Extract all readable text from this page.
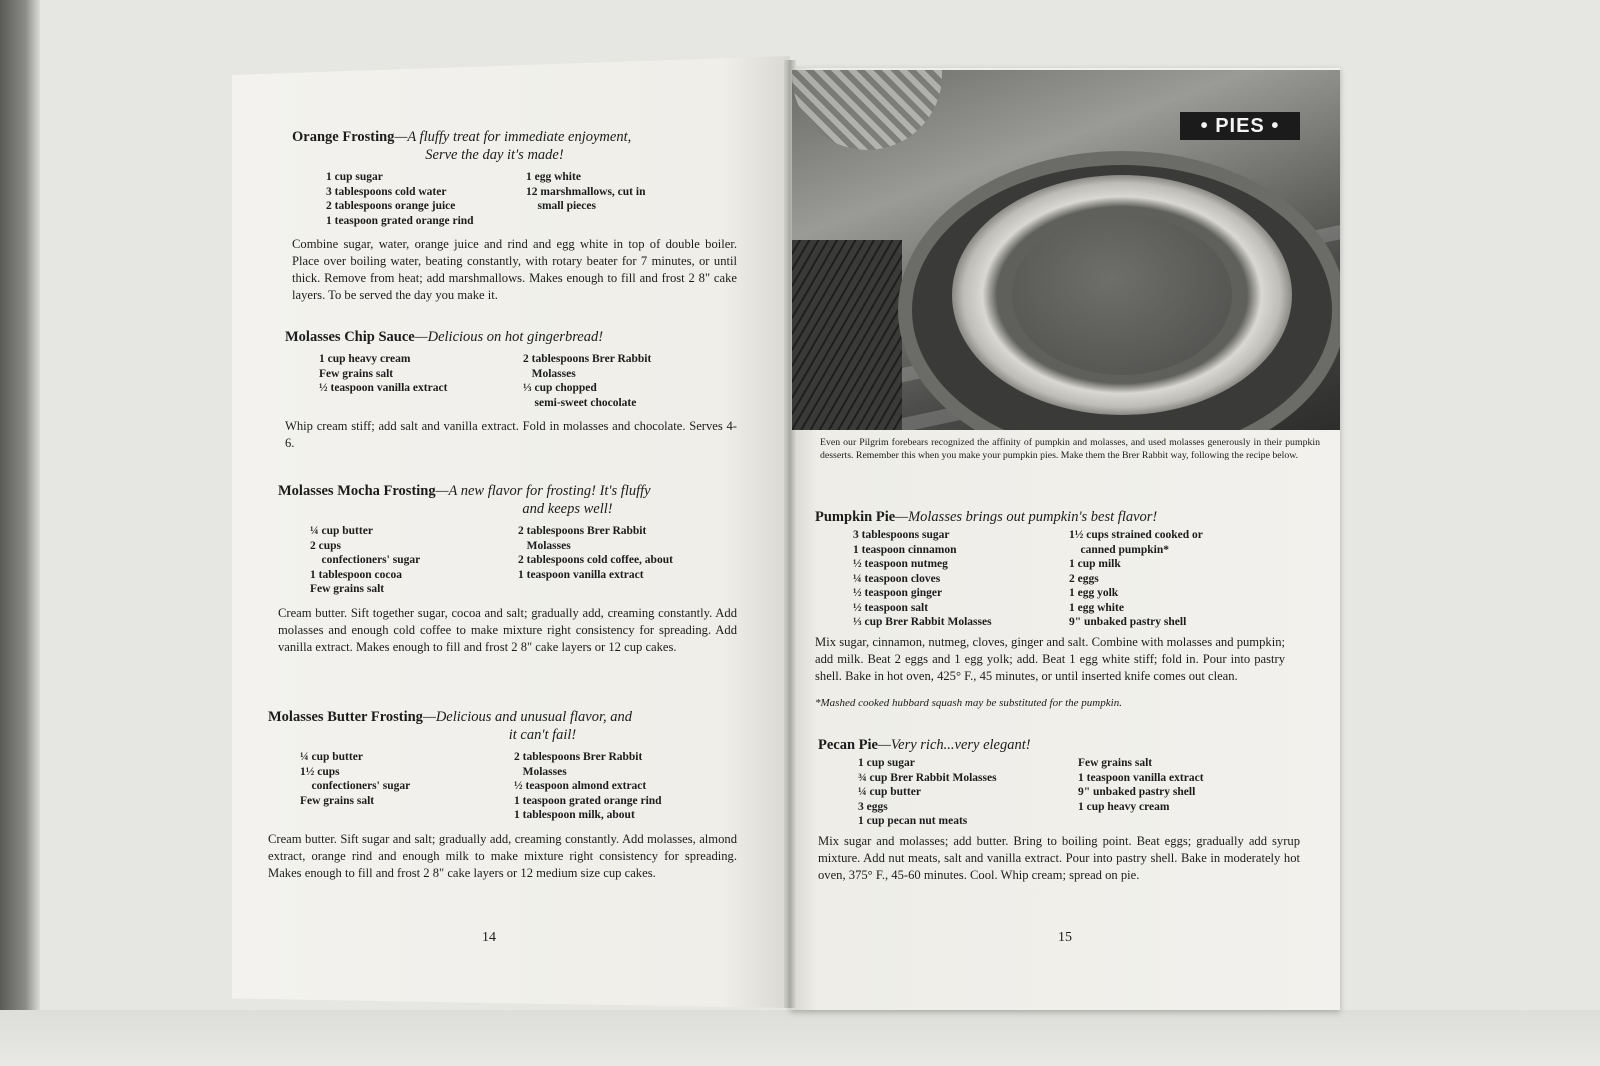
Orange Frosting—A fluffy treat for immediate enjoyment,

Serve the day it's made!

1 cup sugar
3 tablespoons cold water
2 tablespoons orange juice
1 teaspoon grated orange rind
1 egg white
12 marshmallows, cut in
small pieces

Combine sugar, water, orange juice and rind and egg white in top of double boiler. Place over boiling water, beating constantly, with rotary beater for 7 minutes, or until thick. Remove from heat; add marshmallows. Makes enough to fill and frost 2 8" cake layers. To be served the day you make it.

Molasses Chip Sauce—Delicious on hot gingerbread!

1 cup heavy cream
Few grains salt
½ teaspoon vanilla extract
2 tablespoons Brer Rabbit
Molasses
⅓ cup chopped
semi-sweet chocolate

Whip cream stiff; add salt and vanilla extract. Fold in molasses and chocolate. Serves 4-6.

Molasses Mocha Frosting—A new flavor for frosting! It's fluffy

and keeps well!

¼ cup butter
2 cups
confectioners' sugar
1 tablespoon cocoa
Few grains salt
2 tablespoons Brer Rabbit
Molasses
2 tablespoons cold coffee, about
1 teaspoon vanilla extract

Cream butter. Sift together sugar, cocoa and salt; gradually add, creaming constantly. Add molasses and enough cold coffee to make mixture right consistency for spreading. Add vanilla extract. Makes enough to fill and frost 2 8" cake layers or 12 cup cakes.

Molasses Butter Frosting—Delicious and unusual flavor, and

it can't fail!

¼ cup butter
1½ cups
confectioners' sugar
Few grains salt
2 tablespoons Brer Rabbit
Molasses
½ teaspoon almond extract
1 teaspoon grated orange rind
1 tablespoon milk, about

Cream butter. Sift sugar and salt; gradually add, creaming constantly. Add molasses, almond extract, orange rind and enough milk to make mixture right consistency for spreading. Makes enough to fill and frost 2 8" cake layers or 12 medium size cup cakes.

14
• PIES •

Even our Pilgrim forebears recognized the affinity of pumpkin and molasses, and used molasses generously in their pumpkin desserts. Remember this when you make your pumpkin pies. Make them the Brer Rabbit way, following the recipe below.

Pumpkin Pie—Molasses brings out pumpkin's best flavor!

3 tablespoons sugar
1 teaspoon cinnamon
½ teaspoon nutmeg
¼ teaspoon cloves
½ teaspoon ginger
½ teaspoon salt
⅓ cup Brer Rabbit Molasses
1½ cups strained cooked or
canned pumpkin*
1 cup milk
2 eggs
1 egg yolk
1 egg white
9" unbaked pastry shell

Mix sugar, cinnamon, nutmeg, cloves, ginger and salt. Combine with molasses and pumpkin; add milk. Beat 2 eggs and 1 egg yolk; add. Beat 1 egg white stiff; fold in. Pour into pastry shell. Bake in hot oven, 425° F., 45 minutes, or until inserted knife comes out clean.

*Mashed cooked hubbard squash may be substituted for the pumpkin.

Pecan Pie—Very rich...very elegant!

1 cup sugar
¾ cup Brer Rabbit Molasses
¼ cup butter
3 eggs
1 cup pecan nut meats
Few grains salt
1 teaspoon vanilla extract
9" unbaked pastry shell
1 cup heavy cream

Mix sugar and molasses; add butter. Bring to boiling point. Beat eggs; gradually add syrup mixture. Add nut meats, salt and vanilla extract. Pour into pastry shell. Bake in moderately hot oven, 375° F., 45-60 minutes. Cool. Whip cream; spread on pie.

15
